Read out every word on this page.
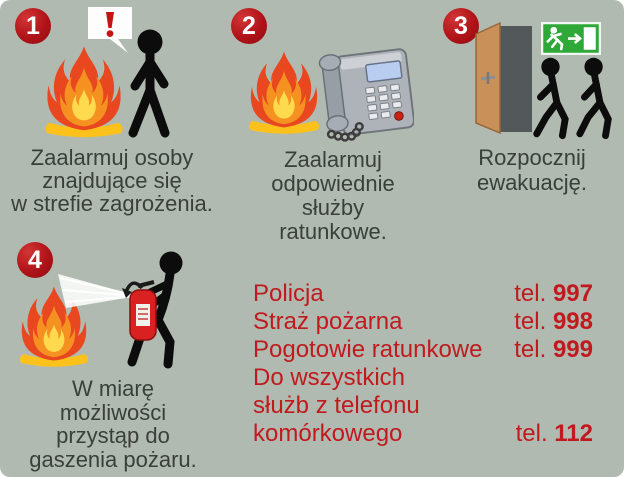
1
Zaalarmuj osoby
znajdujące się
w strefie zagrożenia.
2
Zaalarmuj
odpowiednie
służby
ratunkowe.
3
Rozpocznij
ewakuację.
4
W miarę
możliwości
przystąp do
gaszenia pożaru.
Policja	tel. 997
Straż pożarna	tel. 998
Pogotowie ratunkowe	tel. 999
Do wszystkich
służb z telefonu
komórkowego	tel. 112
